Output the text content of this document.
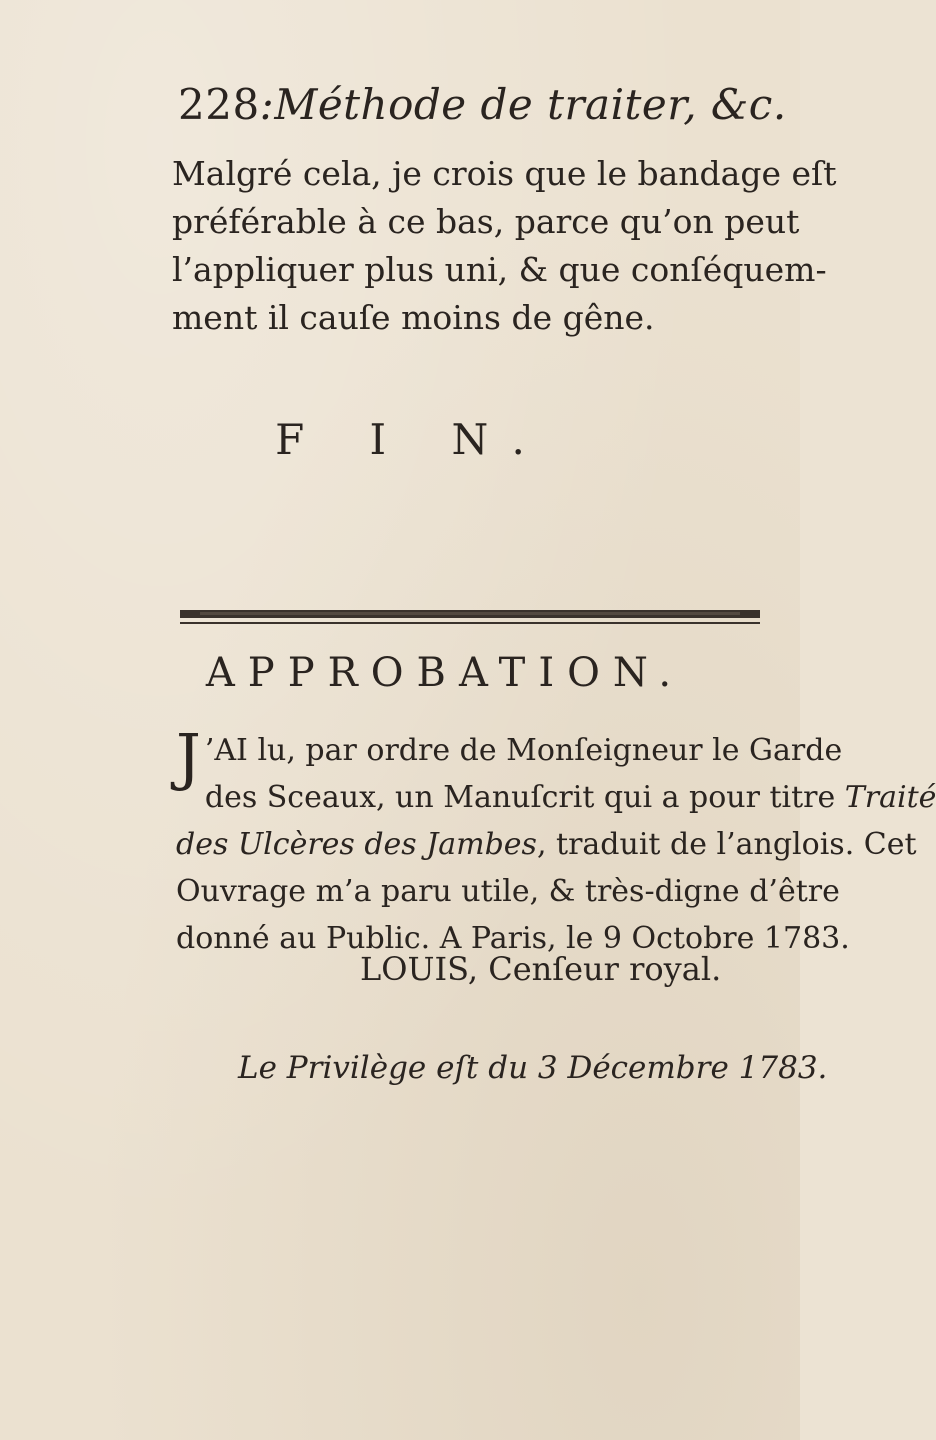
228:Méthode de traiter, &c.

Malgré cela, je crois que le bandage eſt
préférable à ce bas, parce qu’on peut
l’appliquer plus uni, & que conſéquem-
ment il cauſe moins de gêne.

F I N.
APPROBATION.

J ’AI lu, par ordre de Monſeigneur le Garde
des Sceaux, un Manuſcrit qui a pour titre Traité
des Ulcères des Jambes, traduit de l’anglois. Cet
Ouvrage m’a paru utile, & très-digne d’être
donné au Public. A Paris, le 9 Octobre 1783.

LOUIS, Cenſeur royal.
Le Privilège eſt du 3 Décembre 1783.
